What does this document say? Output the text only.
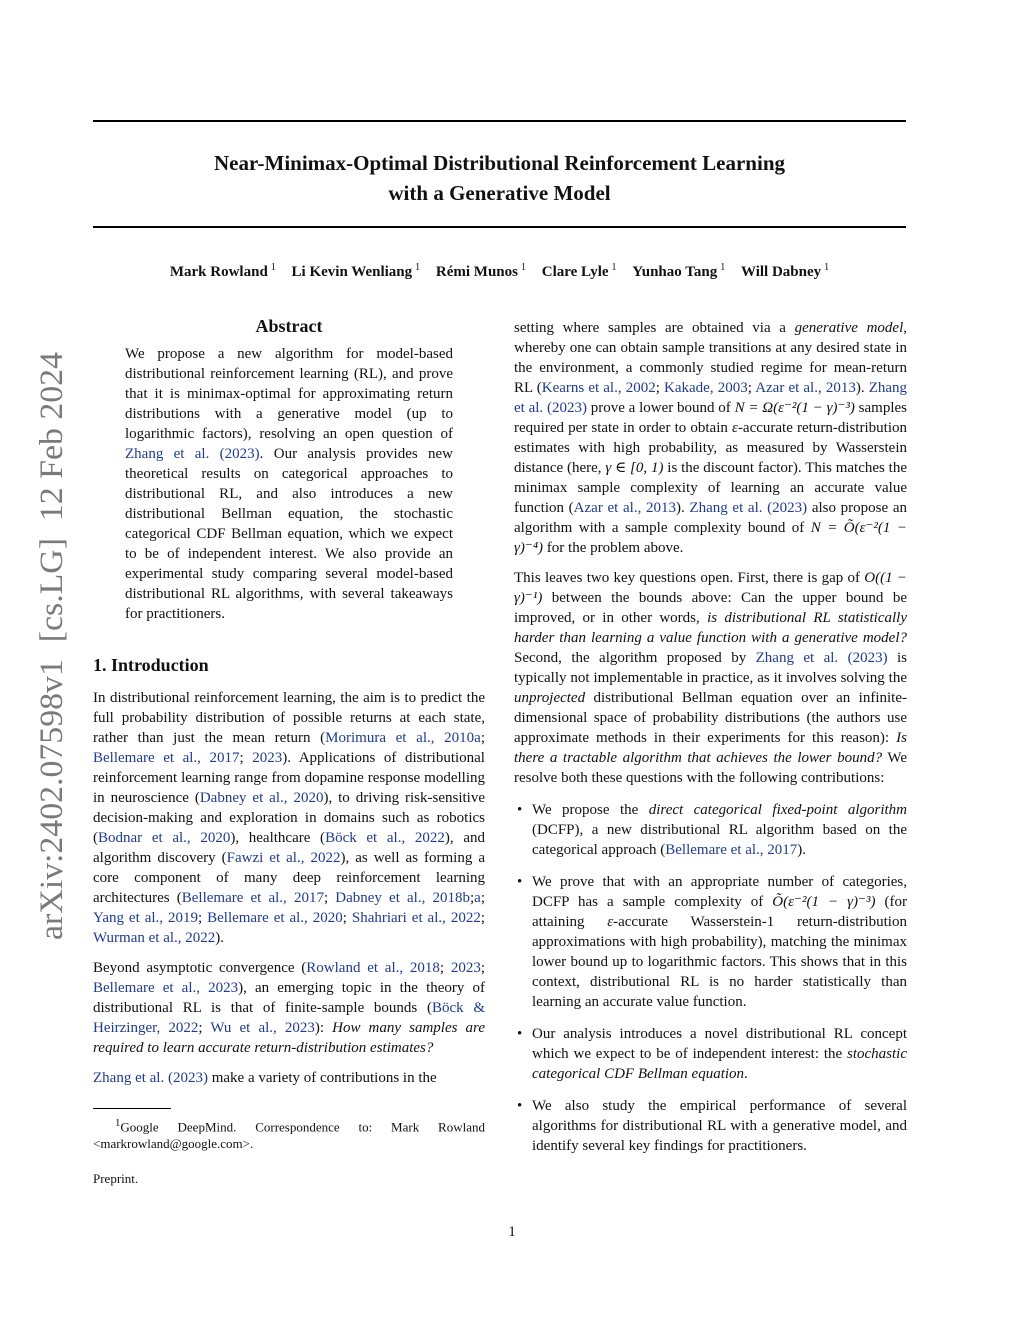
Near-Minimax-Optimal Distributional Reinforcement Learning
with a Generative Model
Mark Rowland $^1$ Li Kevin Wenliang $^1$ Rémi Munos $^1$ Clare Lyle $^1$ Yunhao Tang $^1$ Will Dabney $^1$
arXiv:2402.07598v1  [cs.LG]  12 Feb 2024
Abstract

We propose a new algorithm for model-based distributional reinforcement learning (RL), and prove that it is minimax-optimal for approximating return distributions with a generative model (up to logarithmic factors), resolving an open question of Zhang et al. (2023). Our analysis provides new theoretical results on categorical approaches to distributional RL, and also introduces a new distributional Bellman equation, the stochastic categorical CDF Bellman equation, which we expect to be of independent interest. We also provide an experimental study comparing several model-based distributional RL algorithms, with several takeaways for practitioners.

1. Introduction

In distributional reinforcement learning, the aim is to predict the full probability distribution of possible returns at each state, rather than just the mean return (Morimura et al., 2010a; Bellemare et al., 2017; 2023). Applications of distributional reinforcement learning range from dopamine response modelling in neuroscience (Dabney et al., 2020), to driving risk-sensitive decision-making and exploration in domains such as robotics (Bodnar et al., 2020), healthcare (Böck et al., 2022), and algorithm discovery (Fawzi et al., 2022), as well as forming a core component of many deep reinforcement learning architectures (Bellemare et al., 2017; Dabney et al., 2018b;a; Yang et al., 2019; Bellemare et al., 2020; Shahriari et al., 2022; Wurman et al., 2022).

Beyond asymptotic convergence (Rowland et al., 2018; 2023; Bellemare et al., 2023), an emerging topic in the theory of distributional RL is that of finite-sample bounds (Böck & Heirzinger, 2022; Wu et al., 2023): How many samples are required to learn accurate return-distribution estimates?

Zhang et al. (2023) make a variety of contributions in the

$^1$Google DeepMind. Correspondence to: Mark Rowland <markrowland@google.com>.
Preprint.

setting where samples are obtained via a generative model, whereby one can obtain sample transitions at any desired state in the environment, a commonly studied regime for mean-return RL (Kearns et al., 2002; Kakade, 2003; Azar et al., 2013). Zhang et al. (2023) prove a lower bound of N = Ω(ε⁻²(1 − γ)⁻³) samples required per state in order to obtain ε-accurate return-distribution estimates with high probability, as measured by Wasserstein distance (here, γ ∈ [0, 1) is the discount factor). This matches the minimax sample complexity of learning an accurate value function (Azar et al., 2013). Zhang et al. (2023) also propose an algorithm with a sample complexity bound of N = Õ(ε⁻²(1 − γ)⁻⁴) for the problem above.

This leaves two key questions open. First, there is gap of O((1 − γ)⁻¹) between the bounds above: Can the upper bound be improved, or in other words, is distributional RL statistically harder than learning a value function with a generative model? Second, the algorithm proposed by Zhang et al. (2023) is typically not implementable in practice, as it involves solving the unprojected distributional Bellman equation over an infinite-dimensional space of probability distributions (the authors use approximate methods in their experiments for this reason): Is there a tractable algorithm that achieves the lower bound? We resolve both these questions with the following contributions:

• We propose the direct categorical fixed-point algorithm (DCFP), a new distributional RL algorithm based on the categorical approach (Bellemare et al., 2017).
• We prove that with an appropriate number of categories, DCFP has a sample complexity of Õ(ε⁻²(1 − γ)⁻³) (for attaining ε-accurate Wasserstein-1 return-distribution approximations with high probability), matching the minimax lower bound up to logarithmic factors. This shows that in this context, distributional RL is no harder statistically than learning an accurate value function.
• Our analysis introduces a novel distributional RL concept which we expect to be of independent interest: the stochastic categorical CDF Bellman equation.
• We also study the empirical performance of several algorithms for distributional RL with a generative model, and identify several key findings for practitioners.
1
